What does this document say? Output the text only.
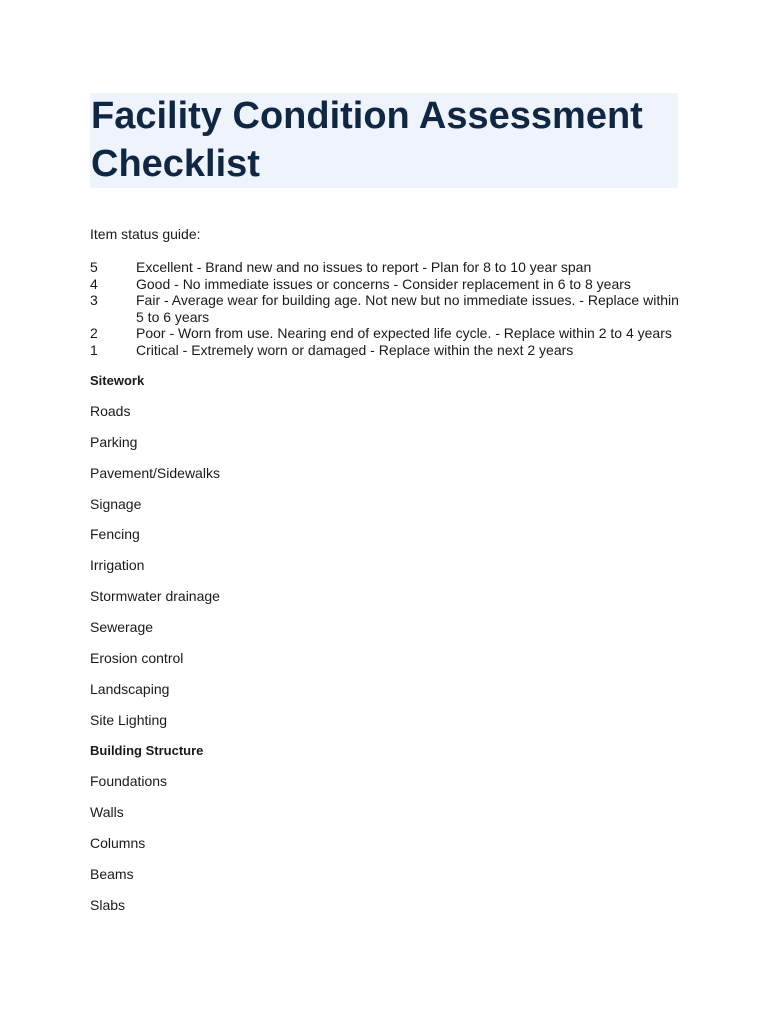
Facility Condition Assessment Checklist
Item status guide:
5	Excellent - Brand new and no issues to report - Plan for 8 to 10 year span
4	Good - No immediate issues or concerns - Consider replacement in 6 to 8 years
3	Fair - Average wear for building age. Not new but no immediate issues. - Replace within 5 to 6 years
2	Poor - Worn from use. Nearing end of expected life cycle. - Replace within 2 to 4 years
1	Critical - Extremely worn or damaged - Replace within the next 2 years
Sitework
Roads
Parking
Pavement/Sidewalks
Signage
Fencing
Irrigation
Stormwater drainage
Sewerage
Erosion control
Landscaping
Site Lighting
Building Structure
Foundations
Walls
Columns
Beams
Slabs
